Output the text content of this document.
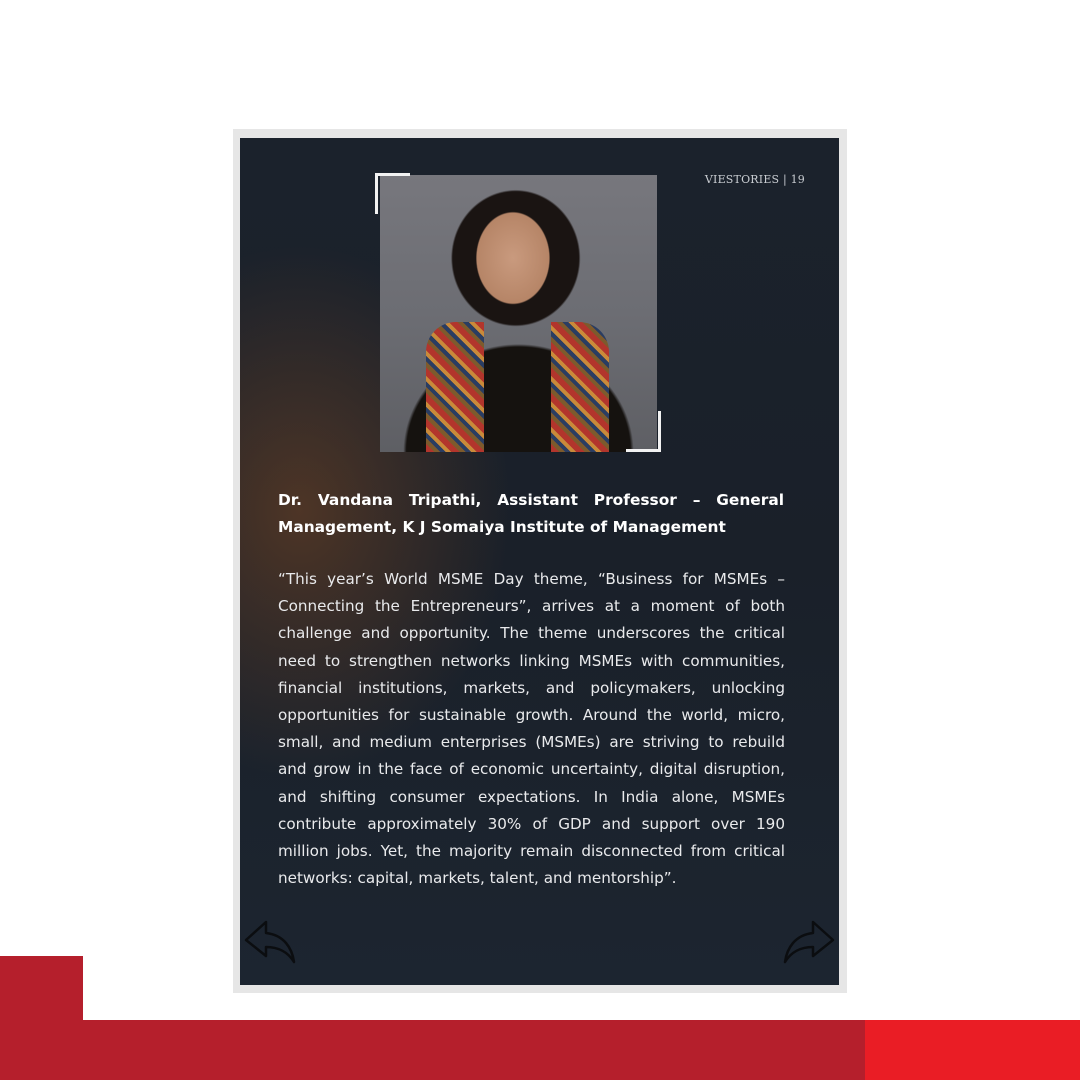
VIESTORIES | 19
Dr. Vandana Tripathi, Assistant Professor – General Management, K J Somaiya Institute of Management
“This year’s World MSME Day theme, “Business for MSMEs – Connecting the Entrepreneurs”, arrives at a moment of both challenge and opportunity. The theme underscores the critical need to strengthen networks linking MSMEs with communities, financial institutions, markets, and policymakers, unlocking opportunities for sustainable growth. Around the world, micro, small, and medium enterprises (MSMEs) are striving to rebuild and grow in the face of economic uncertainty, digital disruption, and shifting consumer expectations. In India alone, MSMEs contribute approximately 30% of GDP and support over 190 million jobs. Yet, the majority remain disconnected from critical networks: capital, markets, talent, and mentorship”.
